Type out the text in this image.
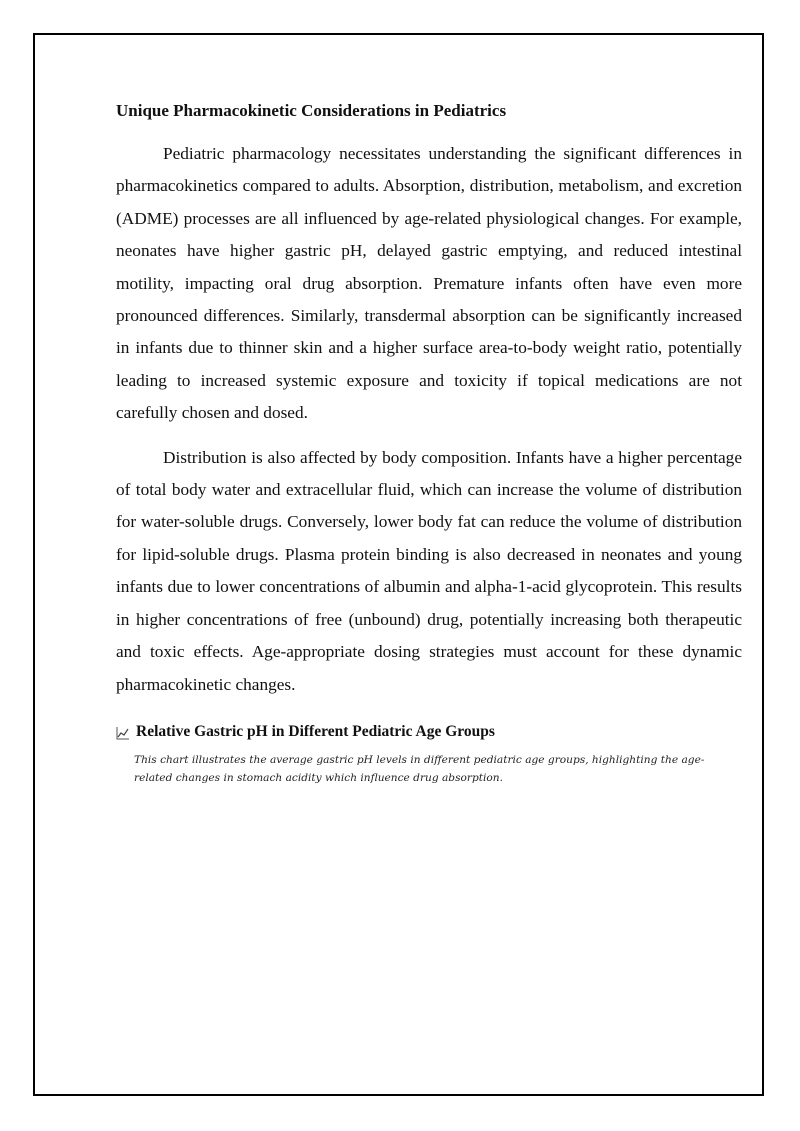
Unique Pharmacokinetic Considerations in Pediatrics

Pediatric pharmacology necessitates understanding the significant differences in pharmacokinetics compared to adults. Absorption, distribution, metabolism, and excretion (ADME) processes are all influenced by age-related physiological changes. For example, neonates have higher gastric pH, delayed gastric emptying, and reduced intestinal motility, impacting oral drug absorption. Premature infants often have even more pronounced differences. Similarly, transdermal absorption can be significantly increased in infants due to thinner skin and a higher surface area-to-body weight ratio, potentially leading to increased systemic exposure and toxicity if topical medications are not carefully chosen and dosed.

Distribution is also affected by body composition. Infants have a higher percentage of total body water and extracellular fluid, which can increase the volume of distribution for water-soluble drugs. Conversely, lower body fat can reduce the volume of distribution for lipid-soluble drugs. Plasma protein binding is also decreased in neonates and young infants due to lower concentrations of albumin and alpha-1-acid glycoprotein. This results in higher concentrations of free (unbound) drug, potentially increasing both therapeutic and toxic effects. Age-appropriate dosing strategies must account for these dynamic pharmacokinetic changes.

Relative Gastric pH in Different Pediatric Age Groups
This chart illustrates the average gastric pH levels in different pediatric age groups, highlighting the age-related changes in stomach acidity which influence drug absorption.
